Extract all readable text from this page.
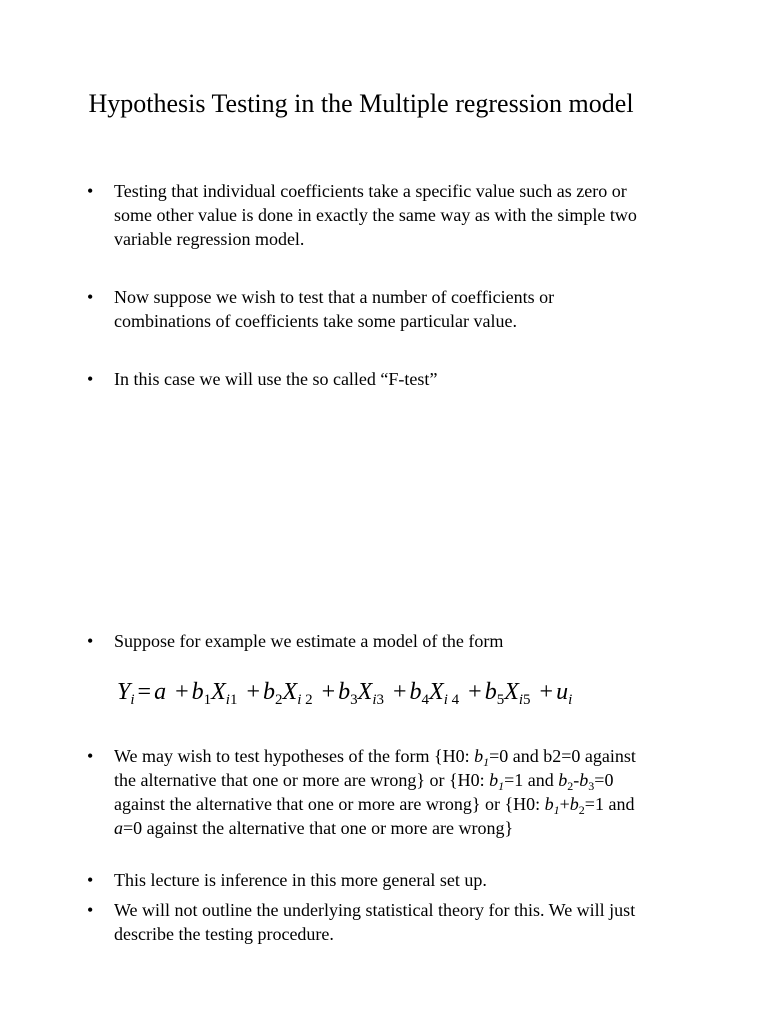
Hypothesis Testing in the Multiple regression model

• Testing that individual coefficients take a specific value such as zero or some other value is done in exactly the same way as with the simple two variable regression model.

• Now suppose we wish to test that a number of coefficients or combinations of coefficients take some particular value.

• In this case we will use the so called “F-test”

• Suppose for example we estimate a model of the form

$Y_i = a + b_1X_{i1} + b_2X_{i 2} + b_3X_{i3} + b_4X_{i 4} + b_5X_{i5} + u_i$

• We may wish to test hypotheses of the form {H0: $b_1=0$ and b2=0 against the alternative that one or more are wrong} or {H0: $b_1=1$ and $b_2-b_3=0$ against the alternative that one or more are wrong} or {H0: $b_1+b_2=1$ and a=0 against the alternative that one or more are wrong}

• This lecture is inference in this more general set up.

• We will not outline the underlying statistical theory for this. We will just describe the testing procedure.
